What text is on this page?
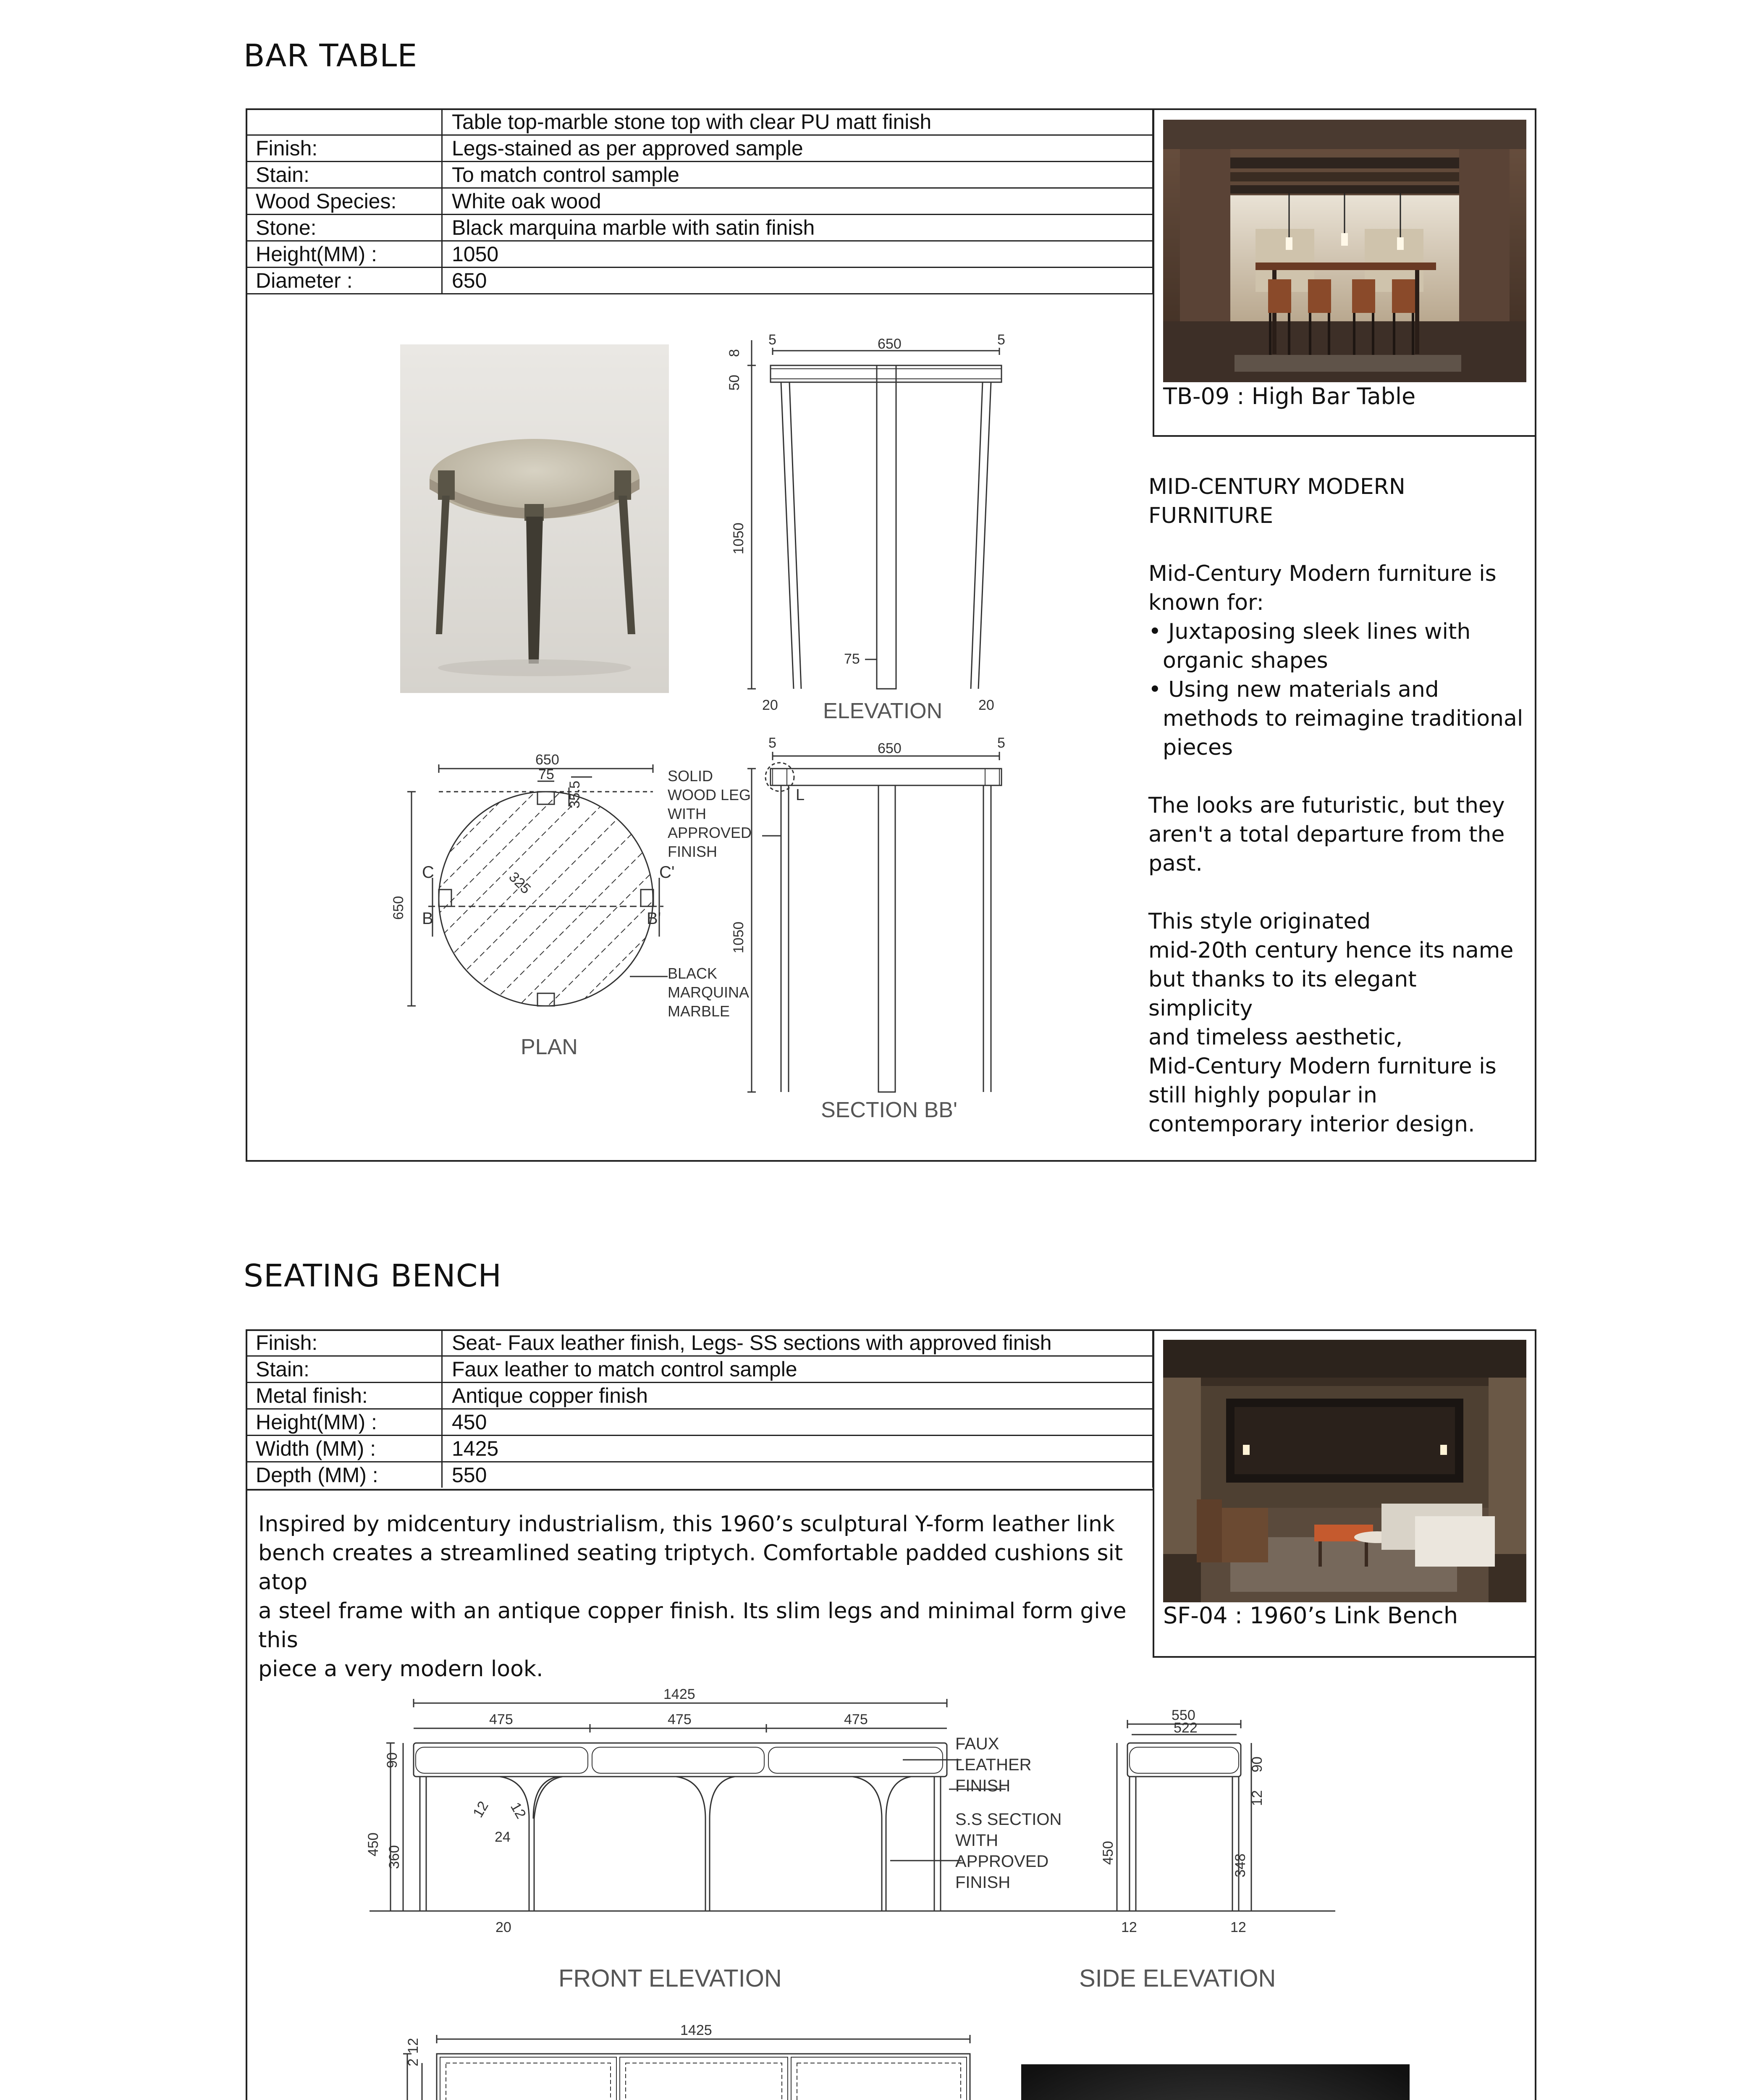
BAR TABLE
	Table top-marble stone top with clear PU matt finish
Finish:	Legs-stained as per approved sample
Stain:	To match control sample
Wood Species:	White oak wood
Stone:	Black marquina marble with satin finish
Height(MM) :	1050
Diameter :	650
TB-09 : High Bar Table
650
5	5
8
50
1050
75
20	20
650
5	5
1050
L
ELEVATION
SECTION BB'
650
75
35.5
325
650
C	C'
B	B'
SOLID
WOOD LEG
WITH
APPROVED
FINISH
BLACK
MARQUINA
MARBLE
PLAN
MID-CENTURY MODERN
FURNITURE
Mid-Century Modern furniture is
known for:
• Juxtaposing sleek lines with
organic shapes
• Using new materials and
methods to reimagine traditional
pieces
The looks are futuristic, but they
aren't a total departure from the
past.
This style originated
mid-20th century hence its name
but thanks to its elegant simplicity
and timeless aesthetic,
Mid-Century Modern furniture is
still highly popular in
contemporary interior design.
SEATING BENCH
Finish:	Seat- Faux leather finish, Legs- SS sections with approved finish
Stain:	Faux leather to match control sample
Metal finish:	Antique copper finish
Height(MM) :	450
Width (MM) :	1425
Depth (MM) :	550
Inspired by midcentury industrialism, this 1960’s sculptural Y-form leather link
bench creates a streamlined seating triptych. Comfortable padded cushions sit atop
a steel frame with an antique copper finish. Its slim legs and minimal form give this
piece a very modern look.
SF-04 : 1960’s Link Bench
1425
475	475	475
90
450
360
12 12
24
20
550
522
450
90
12
348
12	12
FAUX
LEATHER
FINISH
S.S SECTION
WITH
APPROVED
FINISH
FRONT ELEVATION	SIDE ELEVATION
1425
12
2
